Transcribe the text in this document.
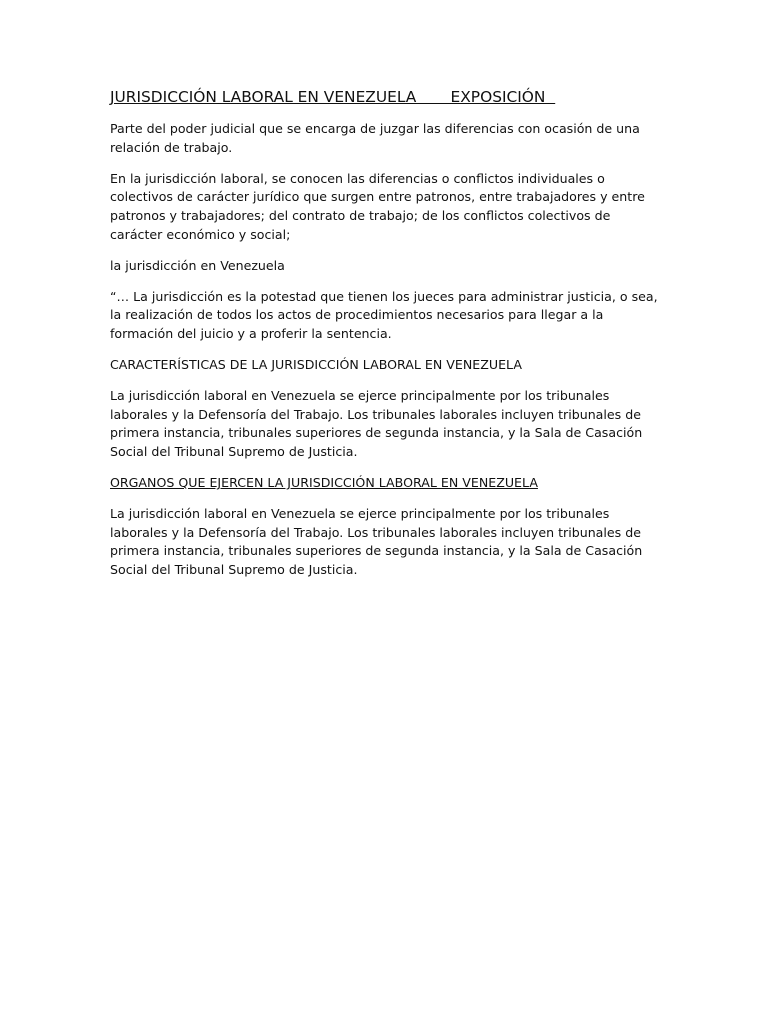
JURISDICCIÓN LABORAL EN VENEZUELA       EXPOSICIÓN

Parte del poder judicial que se encarga de juzgar las diferencias con ocasión de una relación de trabajo.

En la jurisdicción laboral, se conocen las diferencias o conflictos individuales o colectivos de carácter jurídico que surgen entre patronos, entre trabajadores y entre patronos y trabajadores; del contrato de trabajo; de los conflictos colectivos de carácter económico y social;

la jurisdicción en Venezuela

“… La jurisdicción es la potestad que tienen los jueces para administrar justicia, o sea, la realización de todos los actos de procedimientos necesarios para llegar a la formación del juicio y a proferir la sentencia.

CARACTERÍSTICAS DE LA JURISDICCIÓN LABORAL EN VENEZUELA

La jurisdicción laboral en Venezuela se ejerce principalmente por los tribunales laborales y la Defensoría del Trabajo. Los tribunales laborales incluyen tribunales de primera instancia, tribunales superiores de segunda instancia, y la Sala de Casación Social del Tribunal Supremo de Justicia.

ORGANOS QUE EJERCEN LA JURISDICCIÓN LABORAL EN VENEZUELA

La jurisdicción laboral en Venezuela se ejerce principalmente por los tribunales laborales y la Defensoría del Trabajo. Los tribunales laborales incluyen tribunales de primera instancia, tribunales superiores de segunda instancia, y la Sala de Casación Social del Tribunal Supremo de Justicia.
